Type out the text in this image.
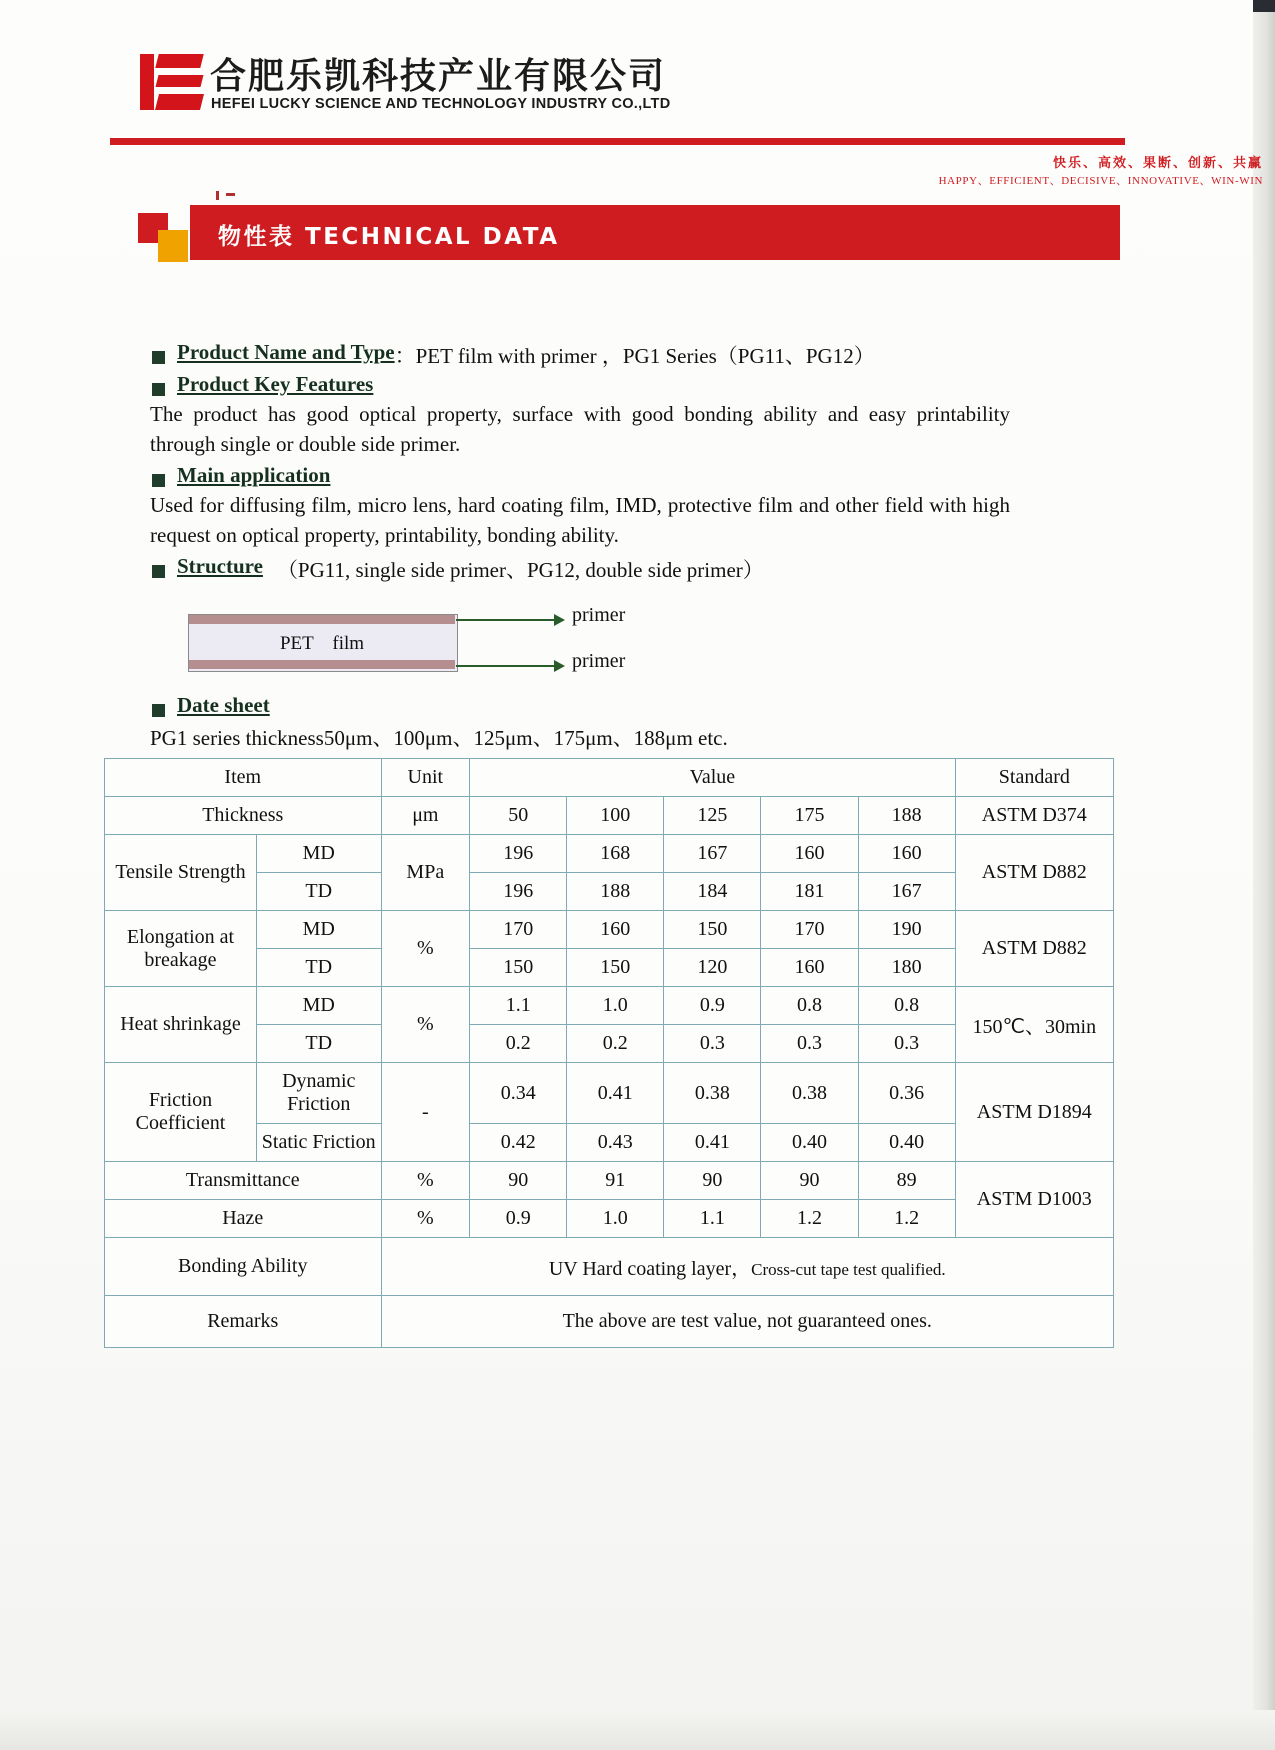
合肥乐凯科技产业有限公司
HEFEI LUCKY SCIENCE AND TECHNOLOGY INDUSTRY CO.,LTD
快乐、高效、果断、创新、共赢
HAPPY、EFFICIENT、DECISIVE、INNOVATIVE、WIN-WIN
物性表 TECHNICAL DATA
Product Name and Type ：PET film with primer ，PG1 Series（PG11、PG12）
Product Key Features
The product has good optical property, surface with good bonding ability and easy printability through single or double side primer.
Main application
Used for diffusing film, micro lens, hard coating film, IMD, protective film and other field with high request on optical property, printability, bonding ability.
Structure （PG11, single side primer、PG12, double side primer）
PET　film
primer
primer
Date sheet
PG1 series thickness50μm、100μm、125μm、175μm、188μm etc.
Item		Unit	Value					Standard
Thickness		μm	50	100	125	175	188	ASTM D374
Tensile Strength	MD	MPa	196	168	167	160	160	ASTM D882
	TD		196	188	184	181	167	
Elongation at breakage	MD	%	170	160	150	170	190	ASTM D882
	TD		150	150	120	160	180	
Heat shrinkage	MD	%	1.1	1.0	0.9	0.8	0.8	150℃、30min
	TD		0.2	0.2	0.3	0.3	0.3	
Friction Coefficient	Dynamic Friction	-	0.34	0.41	0.38	0.38	0.36	ASTM D1894
	Static Friction		0.42	0.43	0.41	0.40	0.40	
Transmittance		%	90	91	90	90	89	ASTM D1003
Haze		%	0.9	1.0	1.1	1.2	1.2	
Bonding Ability		UV Hard coating layer，Cross-cut tape test qualified.						
Remarks		The above are test value, not guaranteed ones.						
